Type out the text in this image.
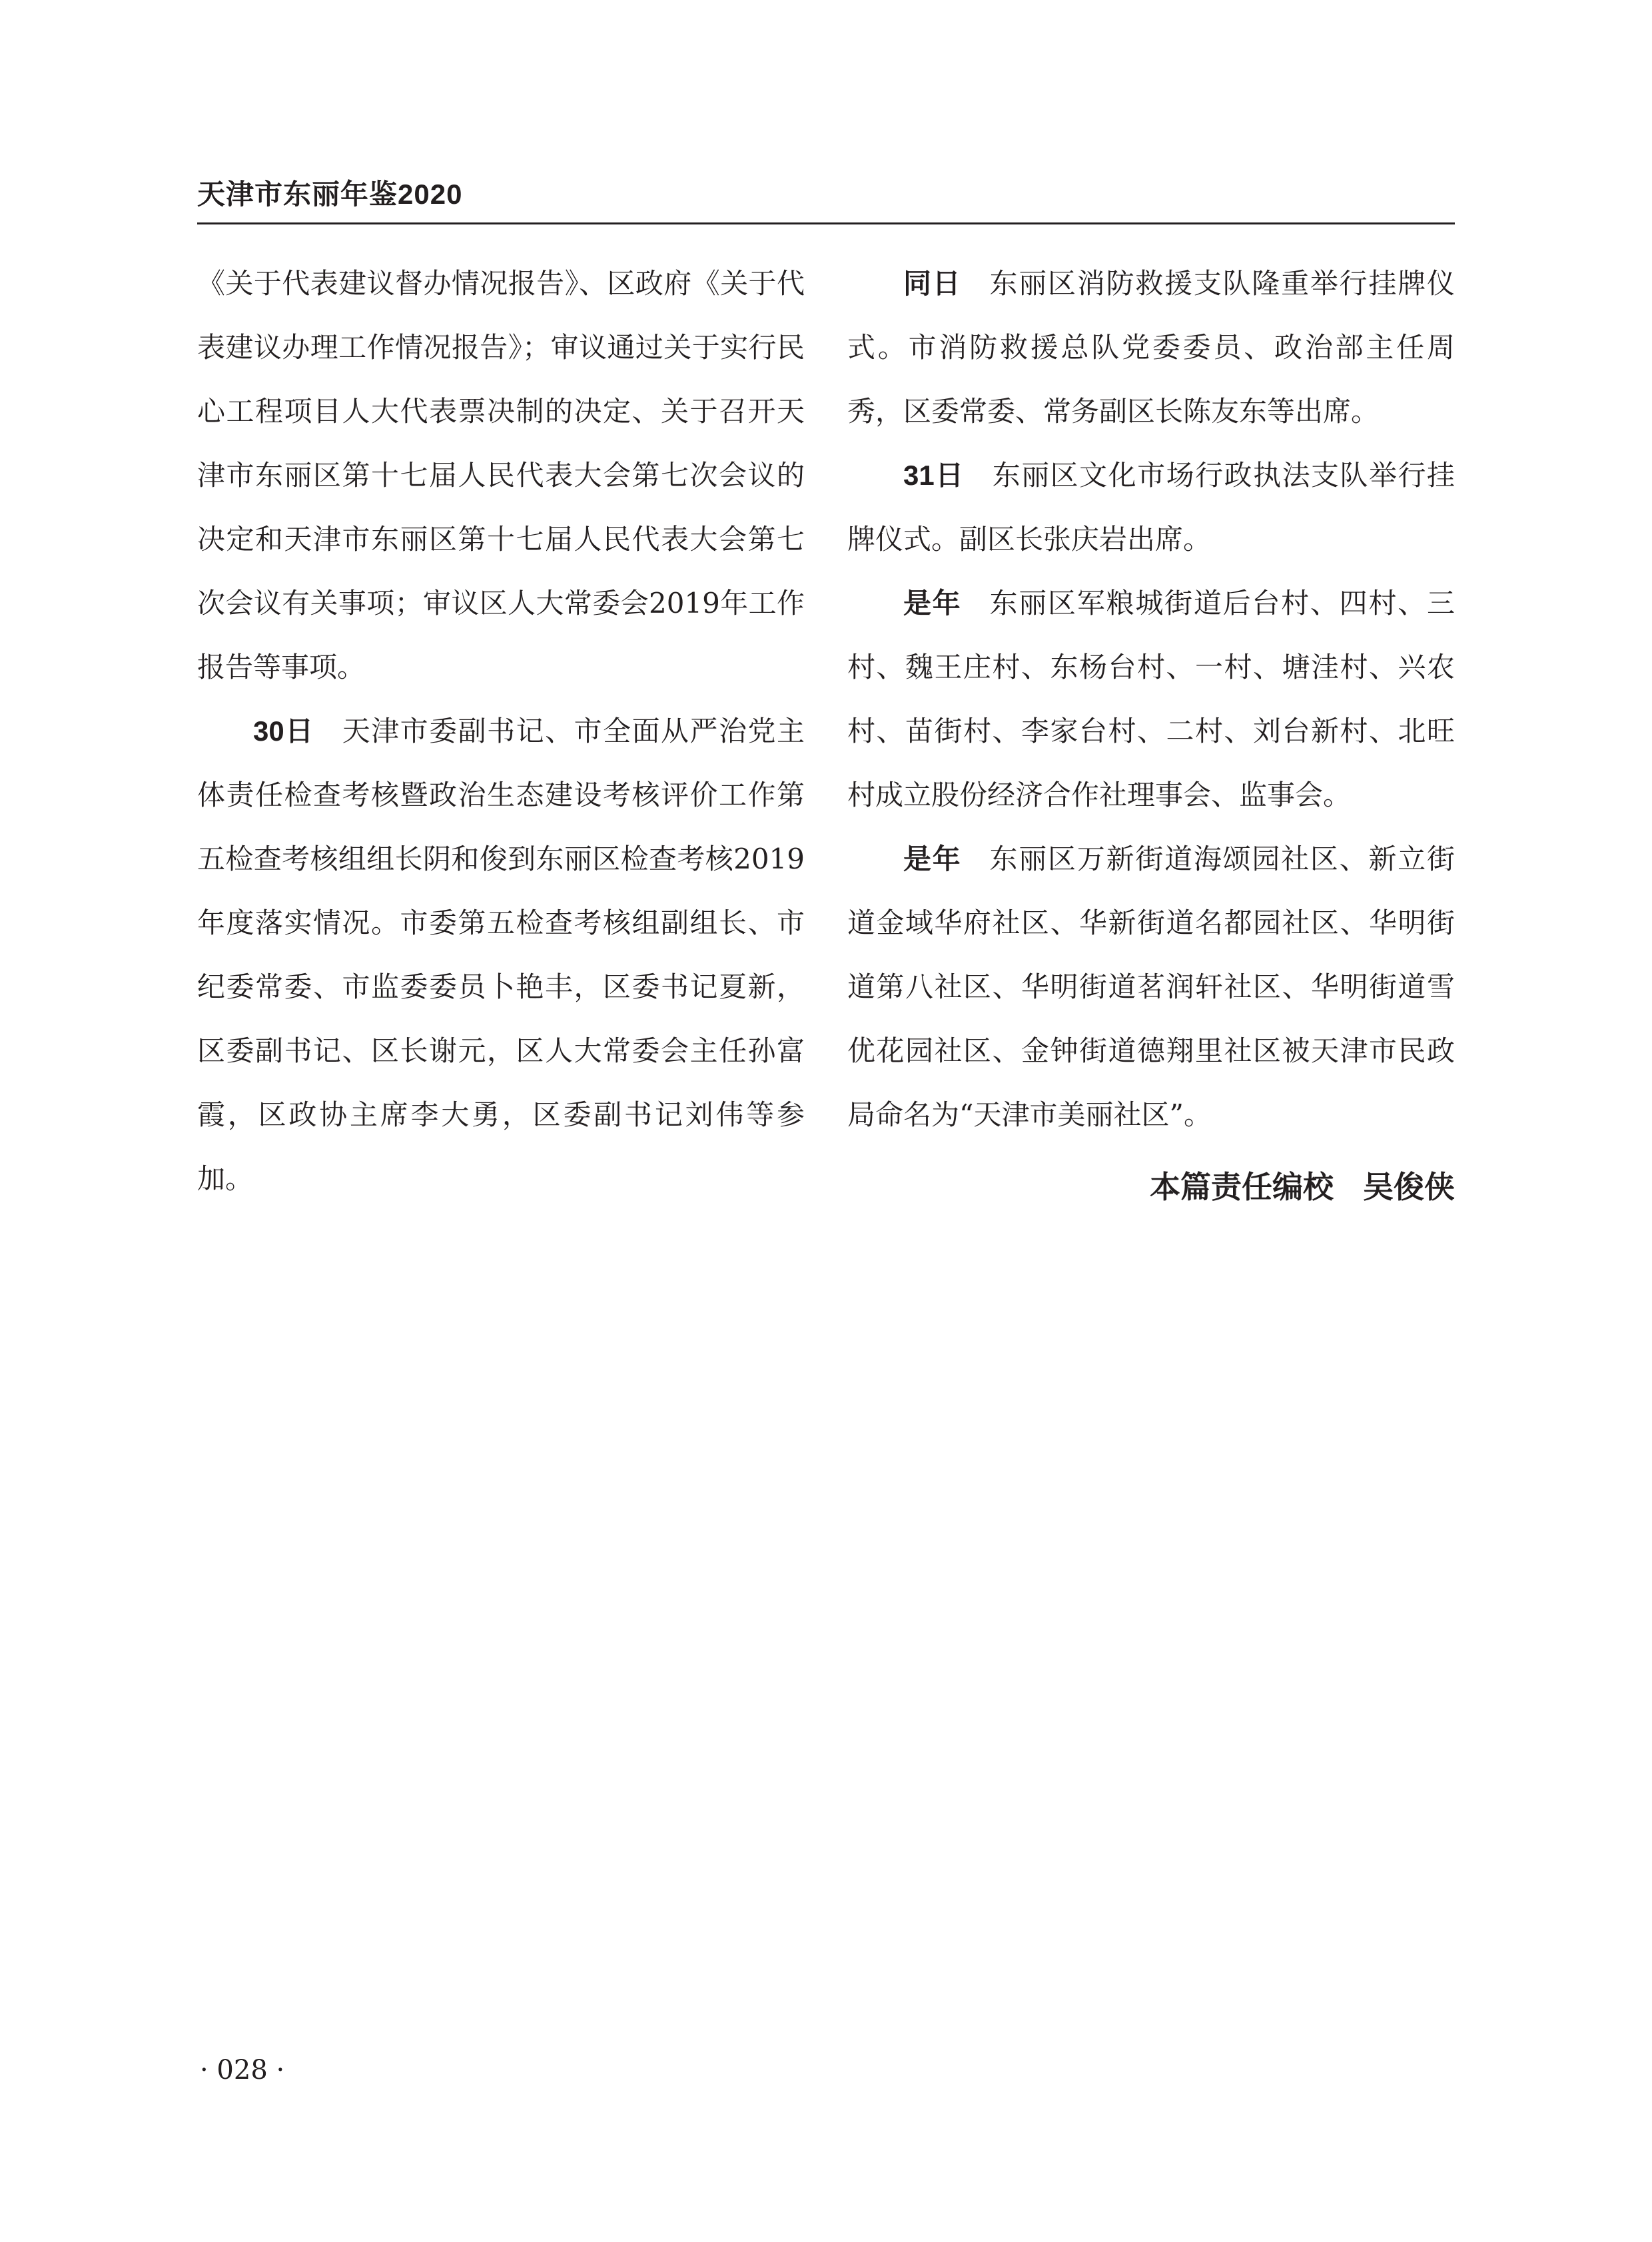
天津市东丽年鉴2020

《关于代表建议督办情况报告》、区政府《关于代表建议办理工作情况报告》；审议通过关于实行民心工程项目人大代表票决制的决定、关于召开天津市东丽区第十七届人民代表大会第七次会议的决定和天津市东丽区第十七届人民代表大会第七次会议有关事项；审议区人大常委会2019年工作报告等事项。

30日 天津市委副书记、市全面从严治党主体责任检查考核暨政治生态建设考核评价工作第五检查考核组组长阴和俊到东丽区检查考核2019年度落实情况。市委第五检查考核组副组长、市纪委常委、市监委委员卜艳丰，区委书记夏新，区委副书记、区长谢元，区人大常委会主任孙富霞，区政协主席李大勇，区委副书记刘伟等参加。

同日 东丽区消防救援支队隆重举行挂牌仪式。市消防救援总队党委委员、政治部主任周秀，区委常委、常务副区长陈友东等出席。

31日 东丽区文化市场行政执法支队举行挂牌仪式。副区长张庆岩出席。

是年 东丽区军粮城街道后台村、四村、三村、魏王庄村、东杨台村、一村、塘洼村、兴农村、苗街村、李家台村、二村、刘台新村、北旺村成立股份经济合作社理事会、监事会。

是年 东丽区万新街道海颂园社区、新立街道金域华府社区、华新街道名都园社区、华明街道第八社区、华明街道茗润轩社区、华明街道雪优花园社区、金钟街道德翔里社区被天津市民政局命名为“天津市美丽社区”。

本篇责任编校 吴俊侠
· 028 ·
